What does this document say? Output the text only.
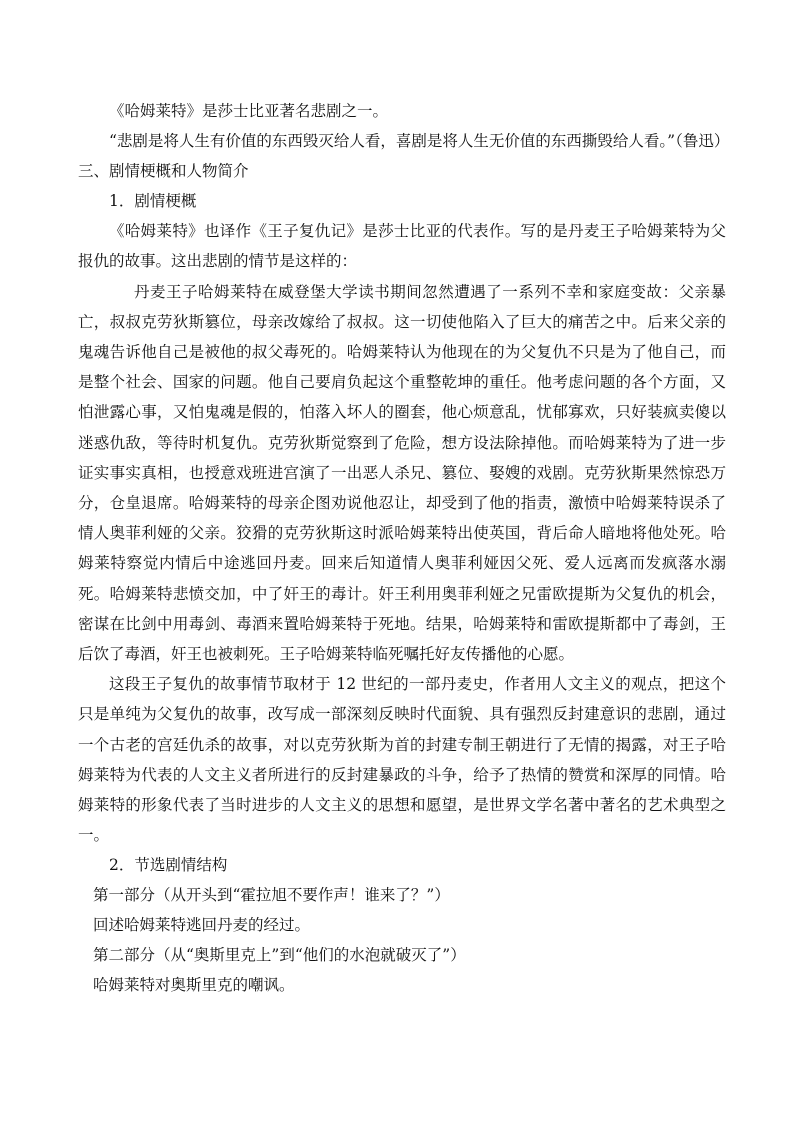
《哈姆莱特》是莎士比亚著名悲剧之一。

“悲剧是将人生有价值的东西毁灭给人看，喜剧是将人生无价值的东西撕毁给人看。”（鲁迅）

三、剧情梗概和人物简介
1．剧情梗概

《哈姆莱特》也译作《王子复仇记》是莎士比亚的代表作。写的是丹麦王子哈姆莱特为父报仇的故事。这出悲剧的情节是这样的：

丹麦王子哈姆莱特在威登堡大学读书期间忽然遭遇了一系列不幸和家庭变故：父亲暴亡，叔叔克劳狄斯篡位，母亲改嫁给了叔叔。这一切使他陷入了巨大的痛苦之中。后来父亲的鬼魂告诉他自己是被他的叔父毒死的。哈姆莱特认为他现在的为父复仇不只是为了他自己，而是整个社会、国家的问题。他自己要肩负起这个重整乾坤的重任。他考虑问题的各个方面，又怕泄露心事，又怕鬼魂是假的，怕落入坏人的圈套，他心烦意乱，忧郁寡欢，只好装疯卖傻以迷惑仇敌，等待时机复仇。克劳狄斯觉察到了危险，想方设法除掉他。而哈姆莱特为了进一步证实事实真相，也授意戏班进宫演了一出恶人杀兄、篡位、娶嫂的戏剧。克劳狄斯果然惊恐万分，仓皇退席。哈姆莱特的母亲企图劝说他忍让，却受到了他的指责，激愤中哈姆莱特误杀了情人奥菲利娅的父亲。狡猾的克劳狄斯这时派哈姆莱特出使英国，背后命人暗地将他处死。哈姆莱特察觉内情后中途逃回丹麦。回来后知道情人奥菲利娅因父死、爱人远离而发疯落水溺死。哈姆莱特悲愤交加，中了奸王的毒计。奸王利用奥菲利娅之兄雷欧提斯为父复仇的机会，密谋在比剑中用毒剑、毒酒来置哈姆莱特于死地。结果，哈姆莱特和雷欧提斯都中了毒剑，王后饮了毒酒，奸王也被刺死。王子哈姆莱特临死嘱托好友传播他的心愿。

这段王子复仇的故事情节取材于 12 世纪的一部丹麦史，作者用人文主义的观点，把这个只是单纯为父复仇的故事，改写成一部深刻反映时代面貌、具有强烈反封建意识的悲剧，通过一个古老的宫廷仇杀的故事，对以克劳狄斯为首的封建专制王朝进行了无情的揭露，对王子哈姆莱特为代表的人文主义者所进行的反封建暴政的斗争，给予了热情的赞赏和深厚的同情。哈姆莱特的形象代表了当时进步的人文主义的思想和愿望，是世界文学名著中著名的艺术典型之一。

2．节选剧情结构
第一部分（从开头到“霍拉旭不要作声！谁来了？”）
回述哈姆莱特逃回丹麦的经过。
第二部分（从“奥斯里克上”到“他们的水泡就破灭了”）
哈姆莱特对奥斯里克的嘲讽。
